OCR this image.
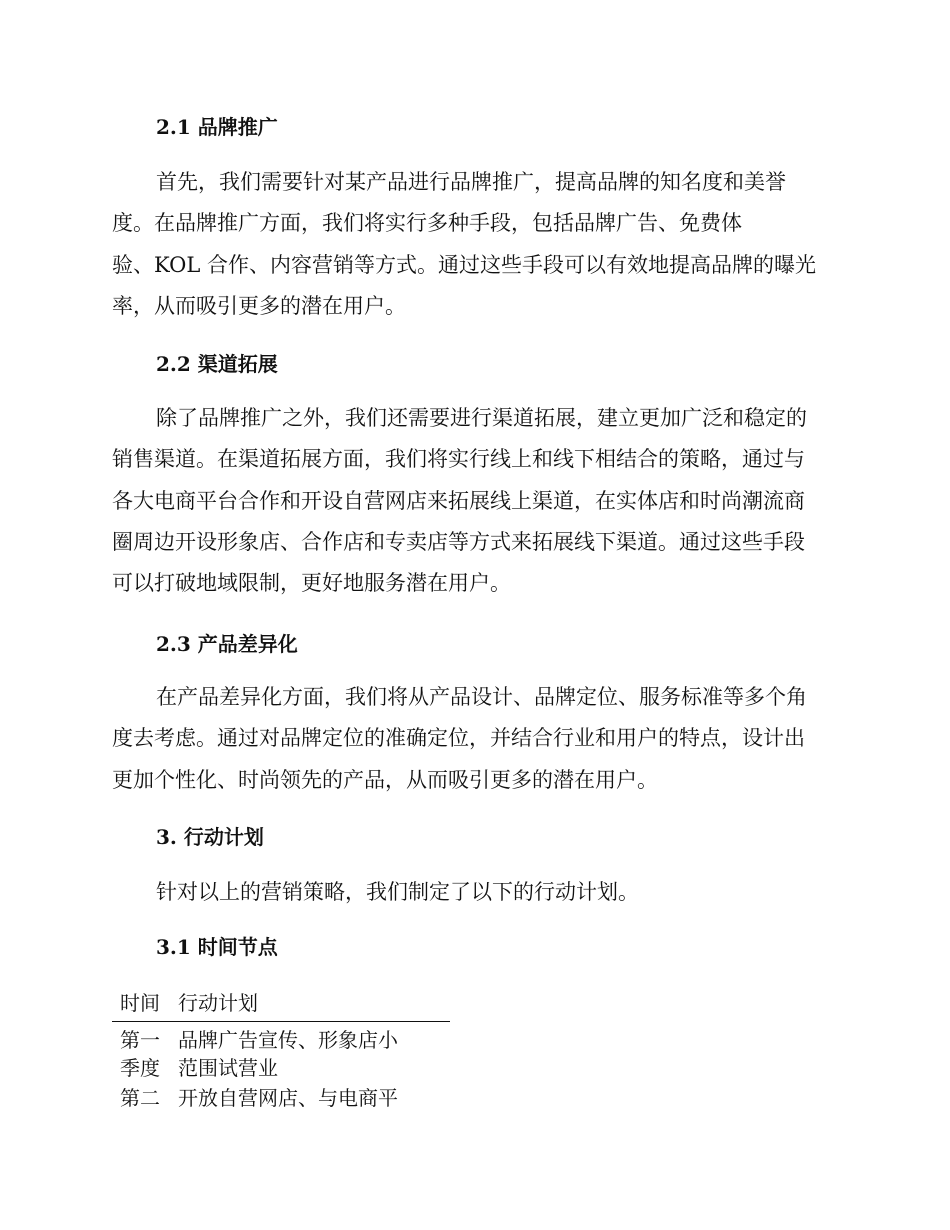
2.1 品牌推广

首先，我们需要针对某产品进行品牌推广，提高品牌的知名度和美誉

度。在品牌推广方面，我们将实行多种手段，包括品牌广告、免费体

验、KOL 合作、内容营销等方式。通过这些手段可以有效地提高品牌的曝光

率，从而吸引更多的潜在用户。

2.2 渠道拓展

除了品牌推广之外，我们还需要进行渠道拓展，建立更加广泛和稳定的

销售渠道。在渠道拓展方面，我们将实行线上和线下相结合的策略，通过与

各大电商平台合作和开设自营网店来拓展线上渠道，在实体店和时尚潮流商

圈周边开设形象店、合作店和专卖店等方式来拓展线下渠道。通过这些手段

可以打破地域限制，更好地服务潜在用户。

2.3 产品差异化

在产品差异化方面，我们将从产品设计、品牌定位、服务标准等多个角

度去考虑。通过对品牌定位的准确定位，并结合行业和用户的特点，设计出

更加个性化、时尚领先的产品，从而吸引更多的潜在用户。

3. 行动计划

针对以上的营销策略，我们制定了以下的行动计划。

3.1 时间节点
时间 行动计划
第一
季度
品牌广告宣传、形象店小
范围试营业
第二 开放自营网店、与电商平
